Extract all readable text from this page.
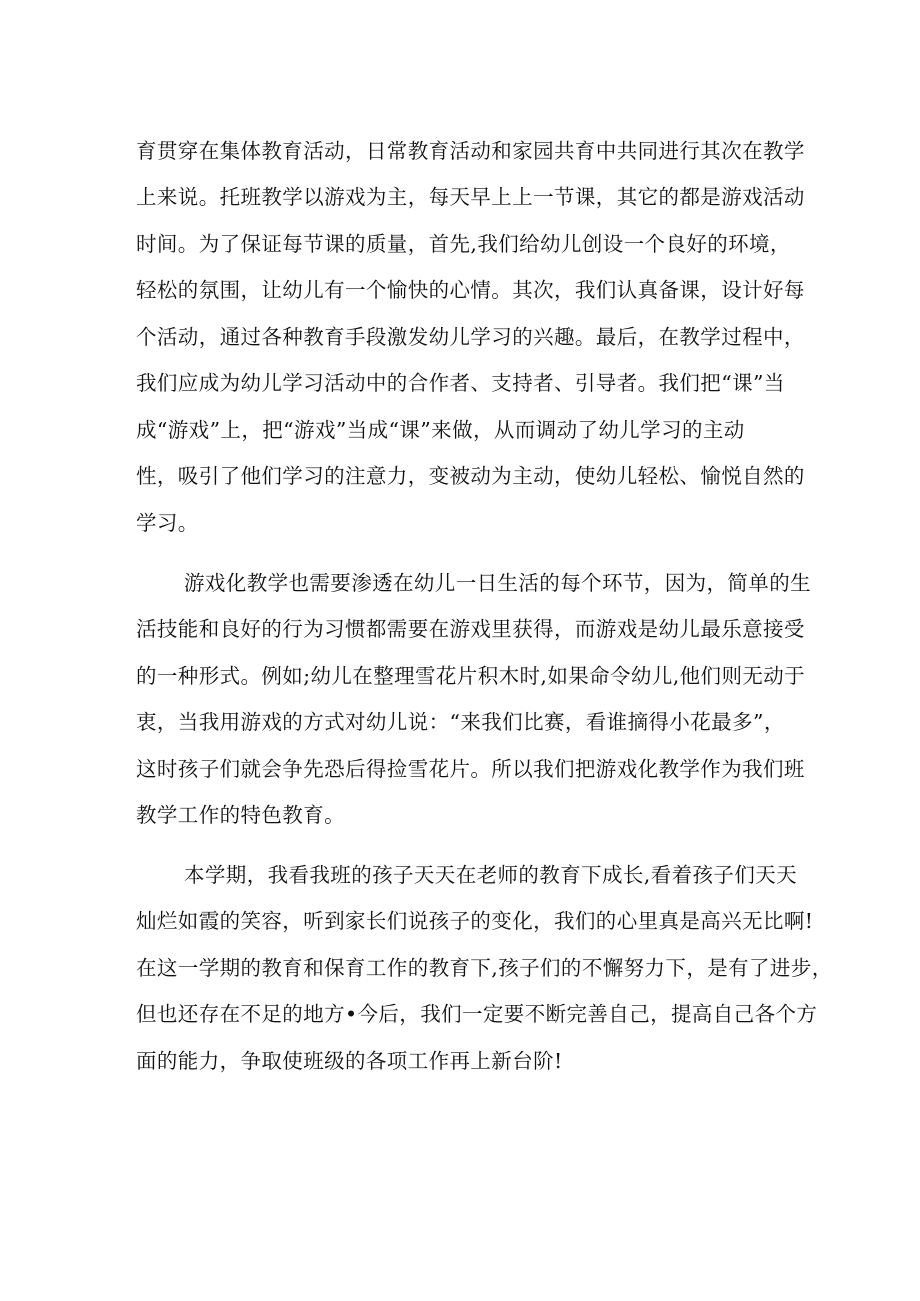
育贯穿在集体教育活动，日常教育活动和家园共育中共同进行其次在教学

上来说。托班教学以游戏为主，每天早上上一节课，其它的都是游戏活动

时间。为了保证每节课的质量，首先,我们给幼儿创设一个良好的环境，

轻松的氛围，让幼儿有一个愉快的心情。其次，我们认真备课，设计好每

个活动，通过各种教育手段激发幼儿学习的兴趣。最后，在教学过程中，

我们应成为幼儿学习活动中的合作者、支持者、引导者。我们把“课”当

成“游戏”上，把“游戏”当成“课”来做，从而调动了幼儿学习的主动

性，吸引了他们学习的注意力，变被动为主动，使幼儿轻松、愉悦自然的

学习。

游戏化教学也需要渗透在幼儿一日生活的每个环节，因为，简单的生

活技能和良好的行为习惯都需要在游戏里获得，而游戏是幼儿最乐意接受

的一种形式。例如;幼儿在整理雪花片积木时,如果命令幼儿,他们则无动于

衷，当我用游戏的方式对幼儿说：“来我们比赛，看谁摘得小花最多”，

这时孩子们就会争先恐后得捡雪花片。所以我们把游戏化教学作为我们班

教学工作的特色教育。

本学期，我看我班的孩子天天在老师的教育下成长,看着孩子们天天

灿烂如霞的笑容，听到家长们说孩子的变化，我们的心里真是高兴无比啊!

在这一学期的教育和保育工作的教育下,孩子们的不懈努力下，是有了进步，

但也还存在不足的地方•今后，我们一定要不断完善自己，提高自己各个方

面的能力，争取使班级的各项工作再上新台阶!
